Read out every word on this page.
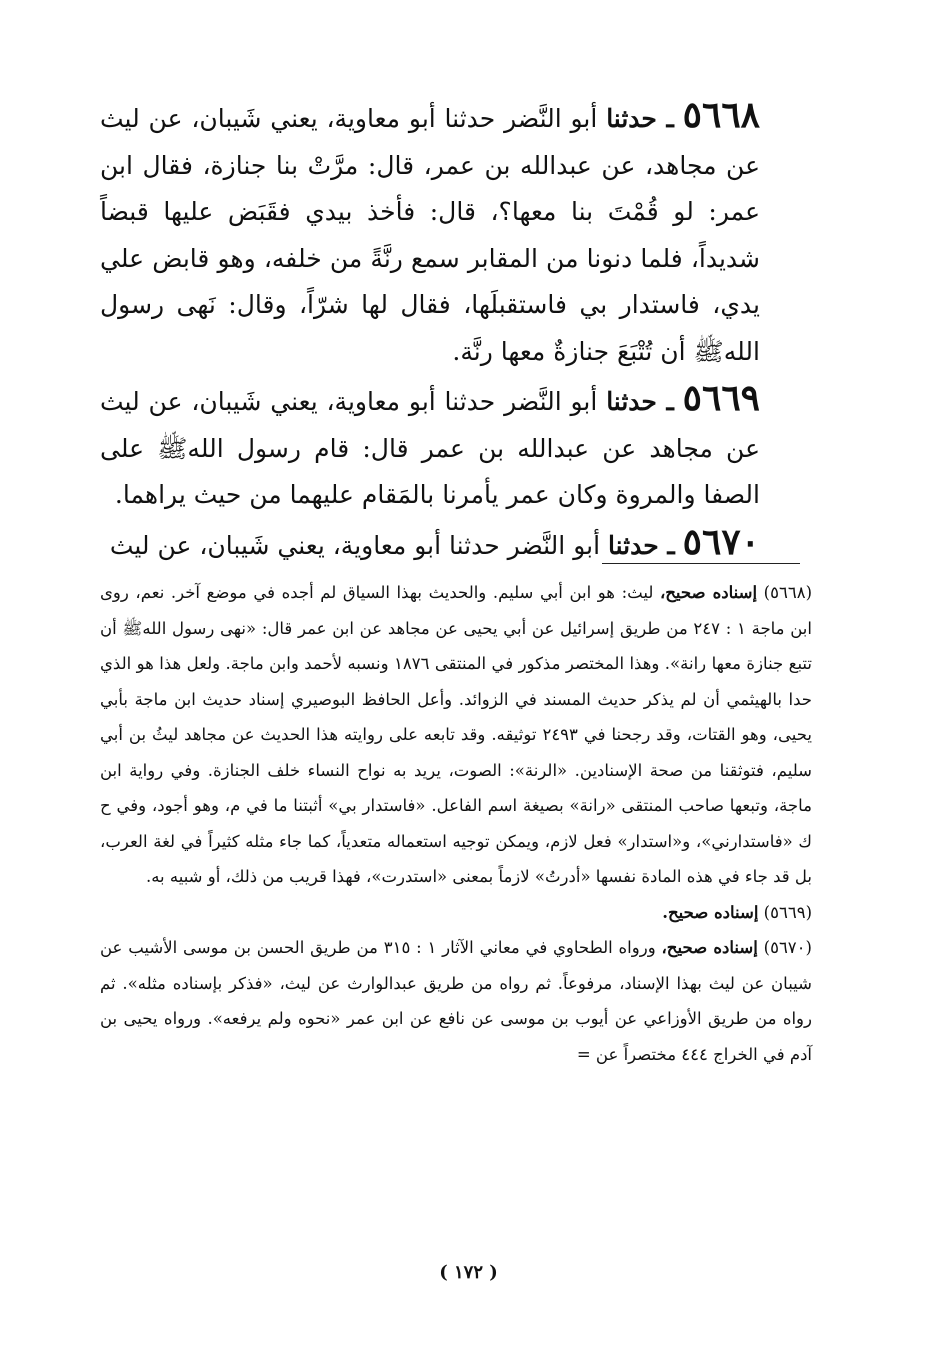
٥٦٦٨ ـ حدثنا أبو النَّضر حدثنا أبو معاوية، يعني شَيبان، عن ليث عن مجاهد، عن عبدالله بن عمر، قال: مرَّتْ بنا جنازة، فقال ابن عمر: لو قُمْتَ بنا معها؟، قال: فأخذ بيدي فقَبَض عليها قبضاً شديداً، فلما دنونا من المقابر سمع رنَّةً من خلفه، وهو قابض علي يدي، فاستدار بي فاستقبلَها، فقال لها شرّاً، وقال: نَهى رسول اللهﷺ أن تُتْبَعَ جنازةٌ معها رنَّة.

٥٦٦٩ ـ حدثنا أبو النَّضر حدثنا أبو معاوية، يعني شَيبان، عن ليث عن مجاهد عن عبدالله بن عمر قال: قام رسول اللهﷺ على الصفا والمروة وكان عمر يأمرنا بالمَقام عليهما من حيث يراهما.

٥٦٧٠ ـ حدثنا أبو النَّضر حدثنا أبو معاوية، يعني شَيبان، عن ليث

(٥٦٦٨) إسناده صحيح، ليث: هو ابن أبي سليم. والحديث بهذا السياق لم أجده في موضع آخر. نعم، روى ابن ماجة ١ : ٢٤٧ من طريق إسرائيل عن أبي يحيى عن مجاهد عن ابن عمر قال: «نهى رسول اللهﷺ أن تتبع جنازة معها رانة». وهذا المختصر مذكور في المنتقى ١٨٧٦ ونسبه لأحمد وابن ماجة. ولعل هذا هو الذي حدا بالهيثمي أن لم يذكر حديث المسند في الزوائد. وأعل الحافظ البوصيري إسناد حديث ابن ماجة بأبي يحيى، وهو القتات، وقد رجحنا في ٢٤٩٣ توثيقه. وقد تابعه على روايته هذا الحديث عن مجاهد ليثُ بن أبي سليم، فتوثقنا من صحة الإسنادين. «الرنة»: الصوت، يريد به نواح النساء خلف الجنازة. وفي رواية ابن ماجة، وتبعها صاحب المنتقى «رانة» بصيغة اسم الفاعل. «فاستدار بي» أثبتنا ما في م، وهو أجود، وفي ح ك «فاستدارني»، و«استدار» فعل لازم، ويمكن توجيه استعماله متعدياً، كما جاء مثله كثيراً في لغة العرب، بل قد جاء في هذه المادة نفسها «أدرتُ» لازماً بمعنى «استدرت»، فهذا قريب من ذلك، أو شبيه به.

(٥٦٦٩) إسناده صحيح.

(٥٦٧٠) إسناده صحيح، ورواه الطحاوي في معاني الآثار ١ : ٣١٥ من طريق الحسن بن موسى الأشيب عن شيبان عن ليث بهذا الإسناد، مرفوعاً. ثم رواه من طريق عبدالوارث عن ليث، «فذكر بإسناده مثله». ثم رواه من طريق الأوزاعي عن أيوب بن موسى عن نافع عن ابن عمر «نحوه ولم يرفعه». ورواه يحيى بن آدم في الخراج ٤٤٤ مختصراً عن =

( ١٧٢ )
